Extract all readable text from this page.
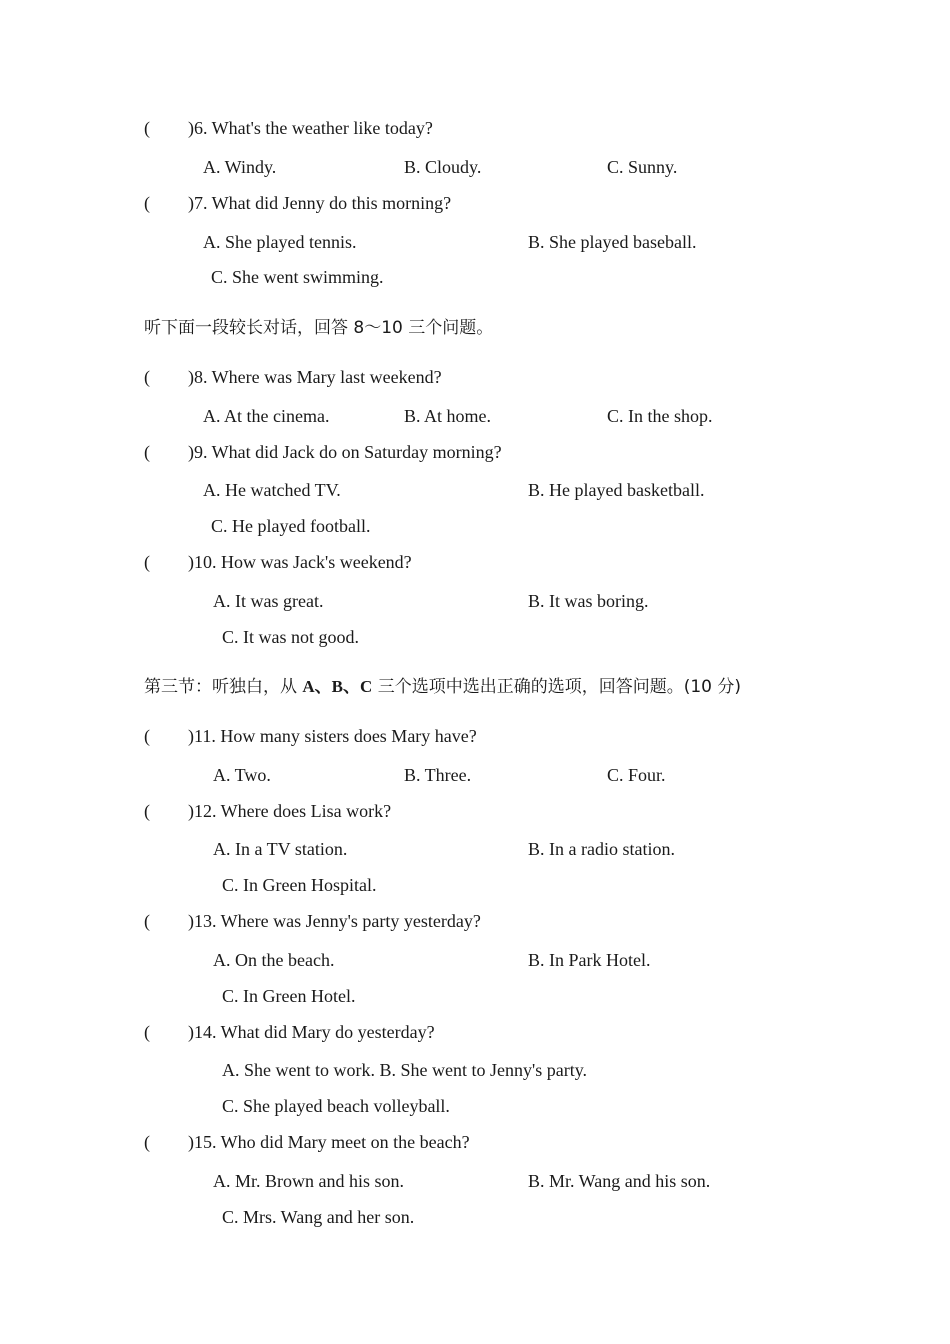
( )6. What's the weather like today?
A. Windy.	B. Cloudy.	C. Sunny.
( )7. What did Jenny do this morning?
A. She played tennis.	B. She played baseball.
C. She went swimming.
听下面一段较长对话，回答 8～10 三个问题。
( )8. Where was Mary last weekend?
A. At the cinema.	B. At home.	C. In the shop.
( )9. What did Jack do on Saturday morning?
A. He watched TV.	B. He played basketball.
C. He played football.
( )10. How was Jack's weekend?
A. It was great.	B. It was boring.
C. It was not good.
第三节：听独白，从 A、B、C 三个选项中选出正确的选项，回答问题。(10 分)
( )11. How many sisters does Mary have?
A. Two.	B. Three.	C. Four.
( )12. Where does Lisa work?
A. In a TV station.	B. In a radio station.
C. In Green Hospital.
( )13. Where was Jenny's party yesterday?
A. On the beach.	B. In Park Hotel.
C. In Green Hotel.
( )14. What did Mary do yesterday?
A. She went to work. B. She went to Jenny's party.
C. She played beach volleyball.
( )15. Who did Mary meet on the beach?
A. Mr. Brown and his son.	B. Mr. Wang and his son.
C. Mrs. Wang and her son.
